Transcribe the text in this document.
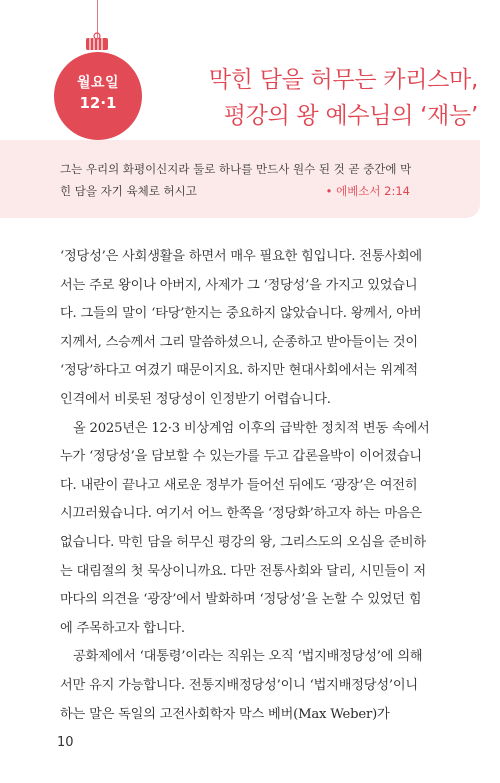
월요일
12·1
막힌 담을 허무는 카리스마,
평강의 왕 예수님의 ‘재능’
그는 우리의 화평이신지라 둘로 하나를 만드사 원수 된 것 곧 중간에 막힌 담을 자기 육체로 허시고	• 에베소서 2:14

‘정당성’은 사회생활을 하면서 매우 필요한 힘입니다. 전통사회에서는 주로 왕이나 아버지, 사제가 그 ‘정당성’을 가지고 있었습니다. 그들의 말이 ‘타당’한지는 중요하지 않았습니다. 왕께서, 아버지께서, 스승께서 그리 말씀하셨으니, 순종하고 받아들이는 것이 ‘정당’하다고 여겼기 때문이지요. 하지만 현대사회에서는 위계적 인격에서 비롯된 정당성이 인정받기 어렵습니다.

올 2025년은 12·3 비상계엄 이후의 급박한 정치적 변동 속에서 누가 ‘정당성’을 담보할 수 있는가를 두고 갑론을박이 이어졌습니다. 내란이 끝나고 새로운 정부가 들어선 뒤에도 ‘광장’은 여전히 시끄러웠습니다. 여기서 어느 한쪽을 ‘정당화’하고자 하는 마음은 없습니다. 막힌 담을 허무신 평강의 왕, 그리스도의 오심을 준비하는 대림절의 첫 묵상이니까요. 다만 전통사회와 달리, 시민들이 저마다의 의견을 ‘광장’에서 발화하며 ‘정당성’을 논할 수 있었던 힘에 주목하고자 합니다.

공화제에서 ‘대통령’이라는 직위는 오직 ‘법지배정당성’에 의해서만 유지 가능합니다. 전통지배정당성’이니 ‘법지배정당성’이니 하는 말은 독일의 고전사회학자 막스 베버(Max Weber)가

10
